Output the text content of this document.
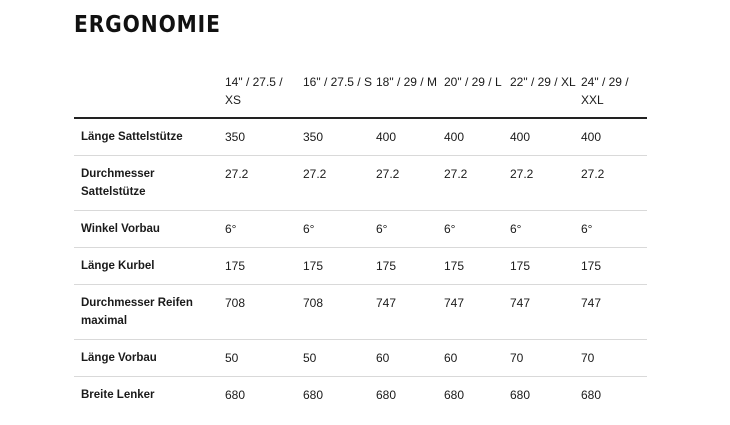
ERGONOMIE
	14" / 27.5 / XS	16" / 27.5 / S	18" / 29 / M	20" / 29 / L	22" / 29 / XL	24" / 29 / XXL
Länge Sattelstütze	350	350	400	400	400	400
Durchmesser Sattelstütze	27.2	27.2	27.2	27.2	27.2	27.2
Winkel Vorbau	6°	6°	6°	6°	6°	6°
Länge Kurbel	175	175	175	175	175	175
Durchmesser Reifen maximal	708	708	747	747	747	747
Länge Vorbau	50	50	60	60	70	70
Breite Lenker	680	680	680	680	680	680
